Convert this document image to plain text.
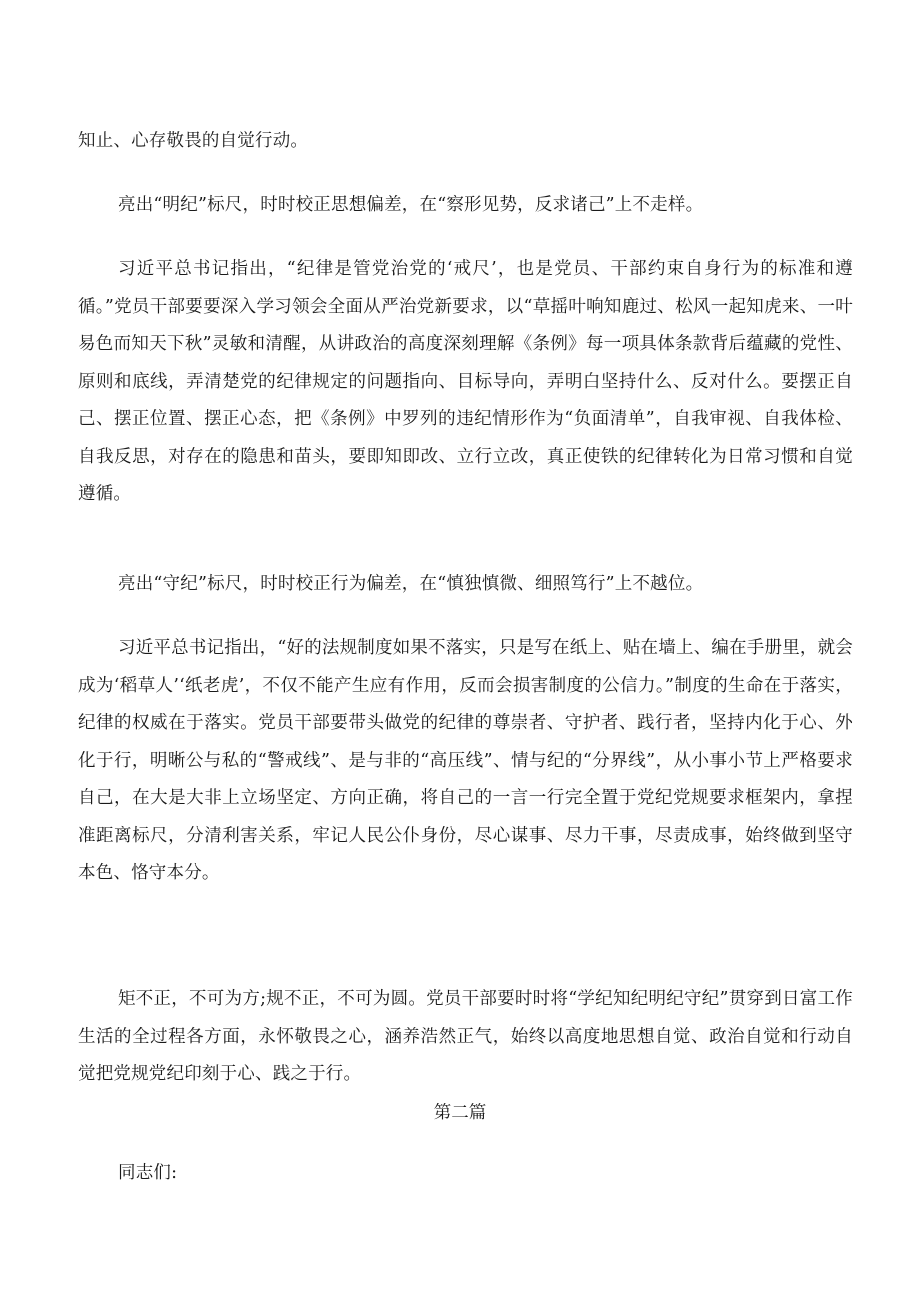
知止、心存敬畏的自觉行动。
亮出“明纪”标尺，时时校正思想偏差，在“察形见势，反求诸己”上不走样。
习近平总书记指出，“纪律是管党治党的‘戒尺’，也是党员、干部约束自身行为的标准和遵循。”党员干部要要深入学习领会全面从严治党新要求，以“草摇叶响知鹿过、松风一起知虎来、一叶易色而知天下秋”灵敏和清醒，从讲政治的高度深刻理解《条例》每一项具体条款背后蕴藏的党性、原则和底线，弄清楚党的纪律规定的问题指向、目标导向，弄明白坚持什么、反对什么。要摆正自己、摆正位置、摆正心态，把《条例》中罗列的违纪情形作为“负面清单”，自我审视、自我体检、自我反思，对存在的隐患和苗头，要即知即改、立行立改，真正使铁的纪律转化为日常习惯和自觉遵循。
亮出“守纪”标尺，时时校正行为偏差，在“慎独慎微、细照笃行”上不越位。
习近平总书记指出，“好的法规制度如果不落实，只是写在纸上、贴在墙上、编在手册里，就会成为‘稻草人’‘纸老虎’，不仅不能产生应有作用，反而会损害制度的公信力。”制度的生命在于落实，纪律的权威在于落实。党员干部要带头做党的纪律的尊崇者、守护者、践行者，坚持内化于心、外化于行，明晰公与私的“警戒线”、是与非的“高压线”、情与纪的“分界线”，从小事小节上严格要求自己，在大是大非上立场坚定、方向正确，将自己的一言一行完全置于党纪党规要求框架内，拿捏准距离标尺，分清利害关系，牢记人民公仆身份，尽心谋事、尽力干事，尽责成事，始终做到坚守本色、恪守本分。
矩不正，不可为方;规不正，不可为圆。党员干部要时时将“学纪知纪明纪守纪”贯穿到日富工作生活的全过程各方面，永怀敬畏之心，涵养浩然正气，始终以高度地思想自觉、政治自觉和行动自觉把党规党纪印刻于心、践之于行。
第二篇
同志们:
